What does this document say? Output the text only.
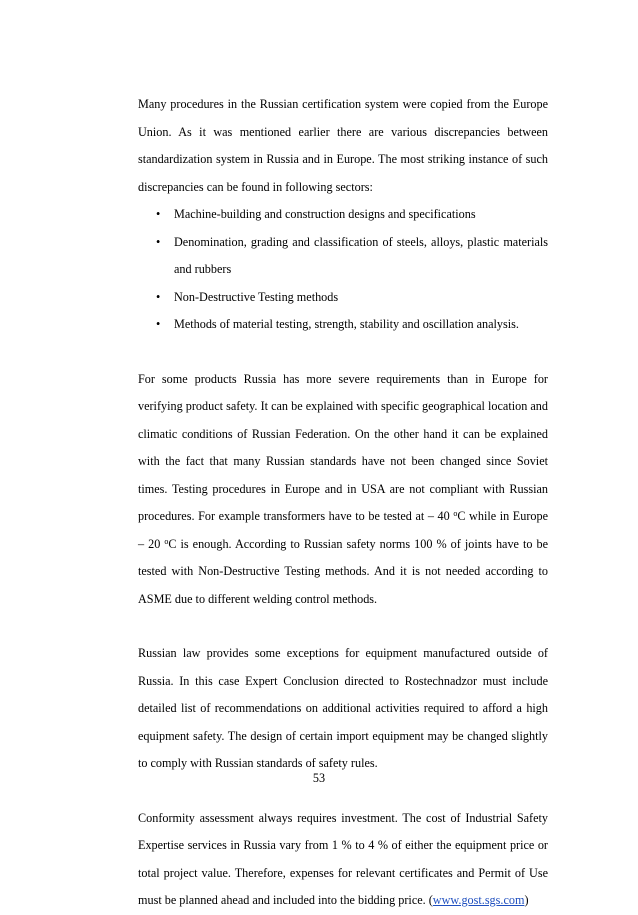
Many procedures in the Russian certification system were copied from the Europe Union. As it was mentioned earlier there are various discrepancies between standardization system in Russia and in Europe. The most striking instance of such discrepancies can be found in following sectors:

• Machine-building and construction designs and specifications
• Denomination, grading and classification of steels, alloys, plastic materials and rubbers
• Non-Destructive Testing methods
• Methods of material testing, strength, stability and oscillation analysis.

For some products Russia has more severe requirements than in Europe for verifying product safety. It can be explained with specific geographical location and climatic conditions of Russian Federation. On the other hand it can be explained with the fact that many Russian standards have not been changed since Soviet times. Testing procedures in Europe and in USA are not compliant with Russian procedures. For example transformers have to be tested at – 40 $^o$C while in Europe – 20 $^o$C is enough. According to Russian safety norms 100 % of joints have to be tested with Non-Destructive Testing methods. And it is not needed according to ASME due to different welding control methods.

Russian law provides some exceptions for equipment manufactured outside of Russia. In this case Expert Conclusion directed to Rostechnadzor must include detailed list of recommendations on additional activities required to afford a high equipment safety. The design of certain import equipment may be changed slightly to comply with Russian standards of safety rules.

Conformity assessment always requires investment. The cost of Industrial Safety Expertise services in Russia vary from 1 % to 4 % of either the equipment price or total project value. Therefore, expenses for relevant certificates and Permit of Use must be planned ahead and included into the bidding price. (www.gost.sgs.com)

53
